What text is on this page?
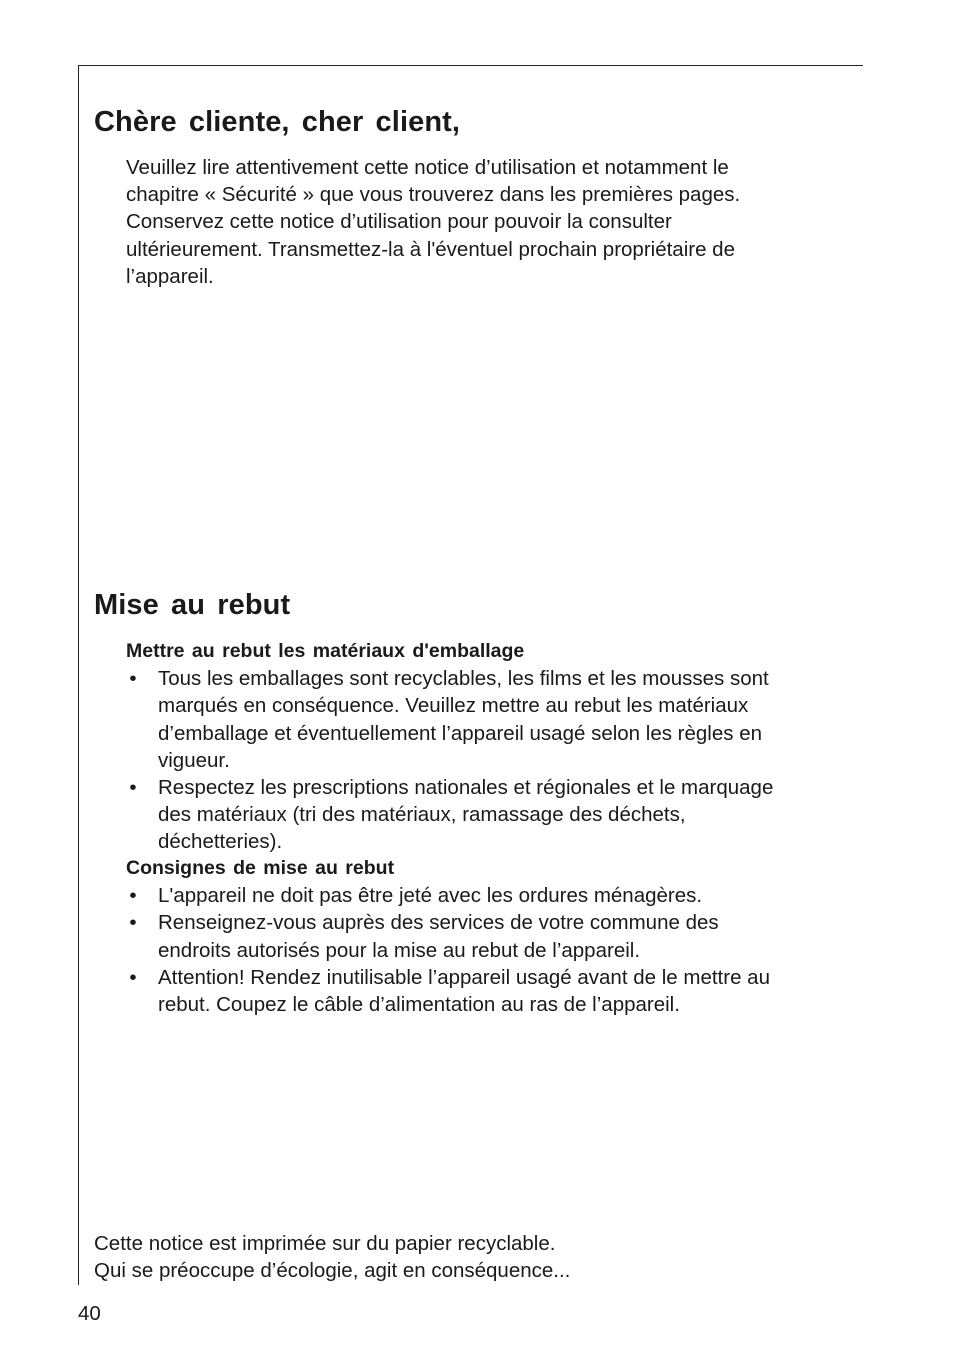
Chère cliente, cher client,
Veuillez lire attentivement cette notice d’utilisation et notamment le
chapitre « Sécurité » que vous trouverez dans les premières pages.
Conservez cette notice d’utilisation pour pouvoir la consulter
ultérieurement. Transmettez-la à l'éventuel prochain propriétaire de
l’appareil.
Mise au rebut

Mettre au rebut les matériaux d'emballage

• Tous les emballages sont recyclables, les films et les mousses sont
marqués en conséquence. Veuillez mettre au rebut les matériaux
d’emballage et éventuellement l’appareil usagé selon les règles en
vigueur.
• Respectez les prescriptions nationales et régionales et le marquage
des matériaux (tri des matériaux, ramassage des déchets,
déchetteries).

Consignes de mise au rebut

• L'appareil ne doit pas être jeté avec les ordures ménagères.
• Renseignez-vous auprès des services de votre commune des
endroits autorisés pour la mise au rebut de l’appareil.
• Attention! Rendez inutilisable l’appareil usagé avant de le mettre au
rebut. Coupez le câble d’alimentation au ras de l’appareil.
Cette notice est imprimée sur du papier recyclable.
Qui se préoccupe d’écologie, agit en conséquence...
40
